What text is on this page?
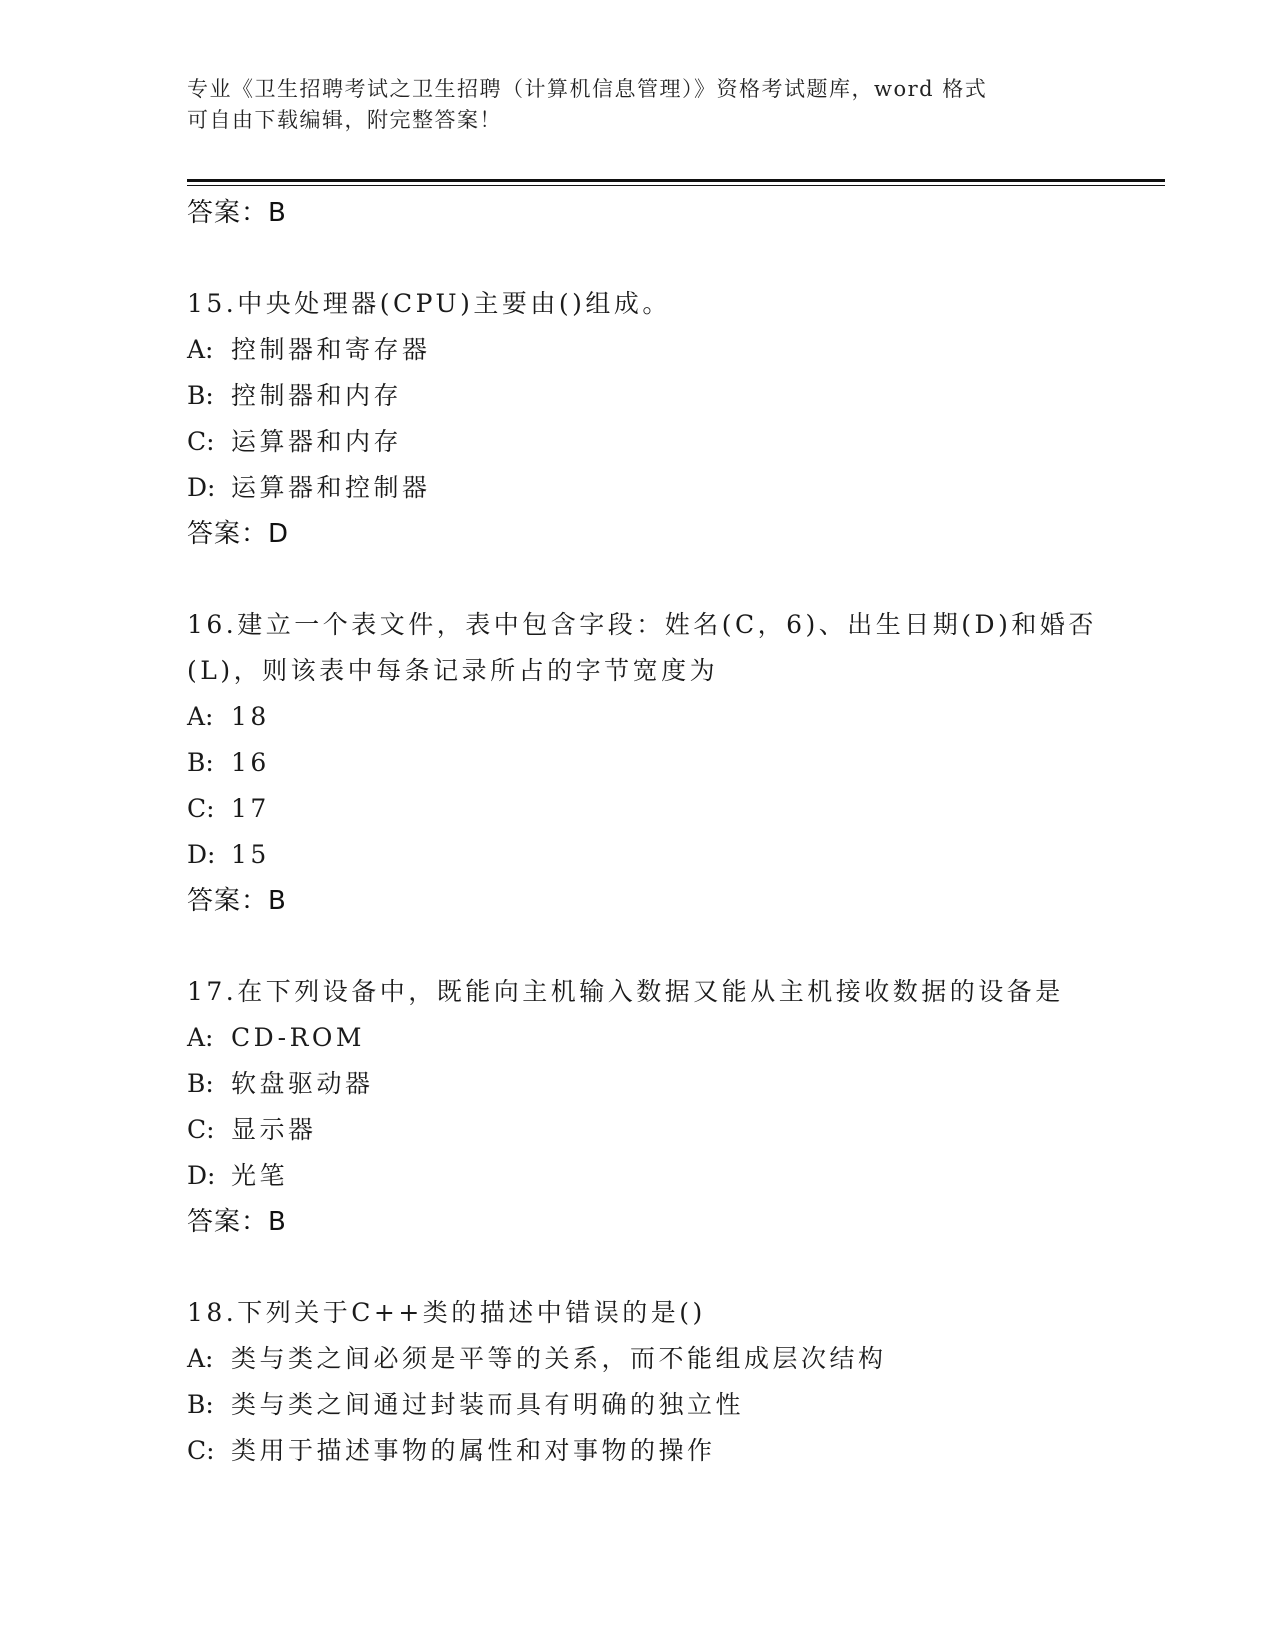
专业《卫生招聘考试之卫生招聘（计算机信息管理）》资格考试题库，word 格式
可自由下载编辑，附完整答案！
答案：B
15.中央处理器(CPU)主要由()组成。
A: 控制器和寄存器
B: 控制器和内存
C: 运算器和内存
D: 运算器和控制器
答案：D
16.建立一个表文件，表中包含字段：姓名(C，6)、出生日期(D)和婚否(L)，则该表中每条记录所占的字节宽度为
A: 18
B: 16
C: 17
D: 15
答案：B
17.在下列设备中，既能向主机输入数据又能从主机接收数据的设备是
A: CD-ROM
B: 软盘驱动器
C: 显示器
D: 光笔
答案：B
18.下列关于C++类的描述中错误的是()
A: 类与类之间必须是平等的关系，而不能组成层次结构
B: 类与类之间通过封装而具有明确的独立性
C: 类用于描述事物的属性和对事物的操作
